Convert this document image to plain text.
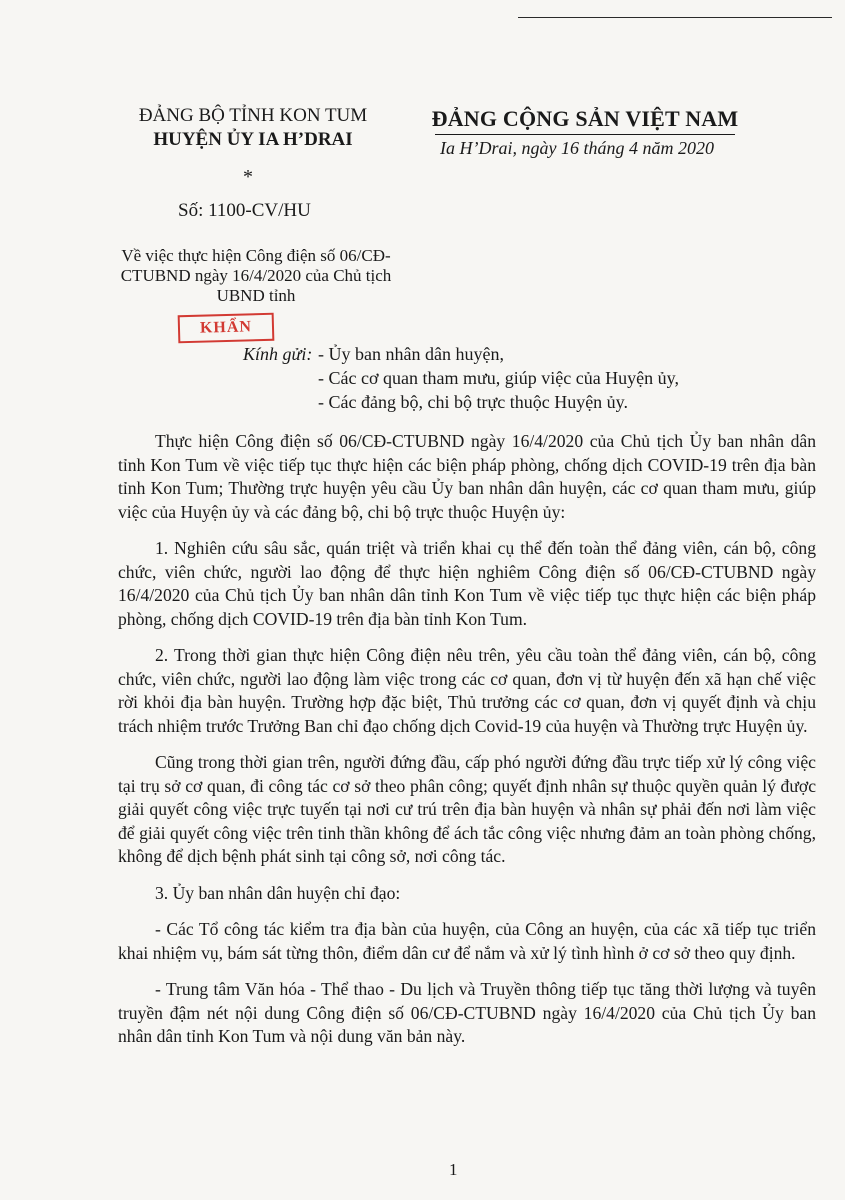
ĐẢNG BỘ TỈNH KON TUM
HUYỆN ỦY IA H’DRAI
*
Số: 1100-CV/HU
Về việc thực hiện Công điện số 06/CĐ-CTUBND ngày 16/4/2020 của Chủ tịch UBND tỉnh
ĐẢNG CỘNG SẢN VIỆT NAM
Ia H’Drai, ngày 16 tháng 4 năm 2020
KHẨN
Kính gửi: - Ủy ban nhân dân huyện,
- Các cơ quan tham mưu, giúp việc của Huyện ủy,
- Các đảng bộ, chi bộ trực thuộc Huyện ủy.

Thực hiện Công điện số 06/CĐ-CTUBND ngày 16/4/2020 của Chủ tịch Ủy ban nhân dân tỉnh Kon Tum về việc tiếp tục thực hiện các biện pháp phòng, chống dịch COVID-19 trên địa bàn tỉnh Kon Tum; Thường trực huyện yêu cầu Ủy ban nhân dân huyện, các cơ quan tham mưu, giúp việc của Huyện ủy và các đảng bộ, chi bộ trực thuộc Huyện ủy:

1. Nghiên cứu sâu sắc, quán triệt và triển khai cụ thể đến toàn thể đảng viên, cán bộ, công chức, viên chức, người lao động để thực hiện nghiêm Công điện số 06/CĐ-CTUBND ngày 16/4/2020 của Chủ tịch Ủy ban nhân dân tỉnh Kon Tum về việc tiếp tục thực hiện các biện pháp phòng, chống dịch COVID-19 trên địa bàn tỉnh Kon Tum.

2. Trong thời gian thực hiện Công điện nêu trên, yêu cầu toàn thể đảng viên, cán bộ, công chức, viên chức, người lao động làm việc trong các cơ quan, đơn vị từ huyện đến xã hạn chế việc rời khỏi địa bàn huyện. Trường hợp đặc biệt, Thủ trưởng các cơ quan, đơn vị quyết định và chịu trách nhiệm trước Trưởng Ban chỉ đạo chống dịch Covid-19 của huyện và Thường trực Huyện ủy.

Cũng trong thời gian trên, người đứng đầu, cấp phó người đứng đầu trực tiếp xử lý công việc tại trụ sở cơ quan, đi công tác cơ sở theo phân công; quyết định nhân sự thuộc quyền quản lý được giải quyết công việc trực tuyến tại nơi cư trú trên địa bàn huyện và nhân sự phải đến nơi làm việc để giải quyết công việc trên tinh thần không để ách tắc công việc nhưng đảm an toàn phòng chống, không để dịch bệnh phát sinh tại công sở, nơi công tác.

3. Ủy ban nhân dân huyện chỉ đạo:

- Các Tổ công tác kiểm tra địa bàn của huyện, của Công an huyện, của các xã tiếp tục triển khai nhiệm vụ, bám sát từng thôn, điểm dân cư để nắm và xử lý tình hình ở cơ sở theo quy định.

- Trung tâm Văn hóa - Thể thao - Du lịch và Truyền thông tiếp tục tăng thời lượng và tuyên truyền đậm nét nội dung Công điện số 06/CĐ-CTUBND ngày 16/4/2020 của Chủ tịch Ủy ban nhân dân tỉnh Kon Tum và nội dung văn bản này.

1
